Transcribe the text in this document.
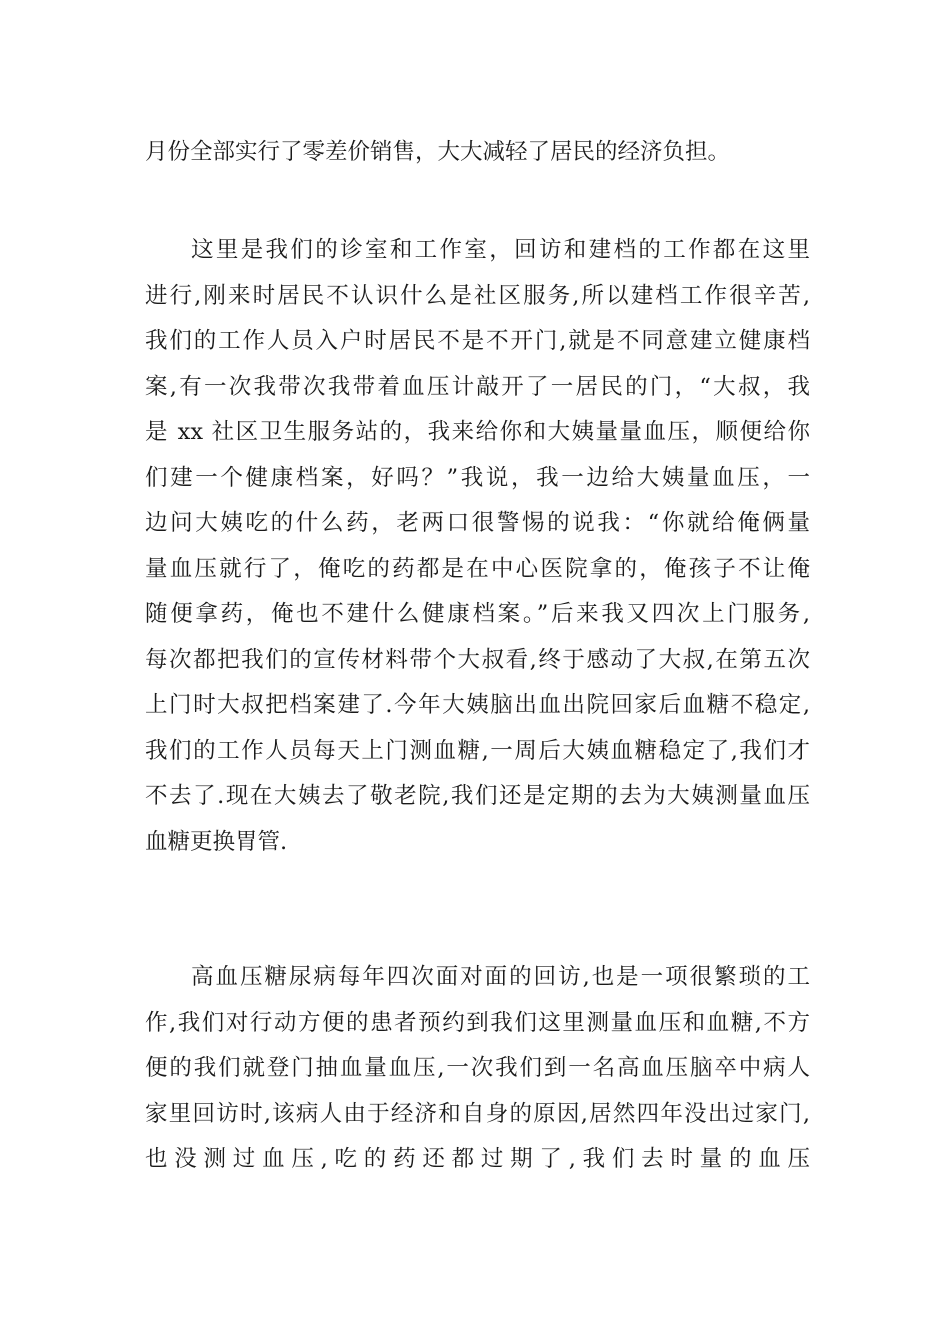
月份全部实行了零差价销售，大大减轻了居民的经济负担。
这里是我们的诊室和工作室，回访和建档的工作都在这里
进行,刚来时居民不认识什么是社区服务,所以建档工作很辛苦,
我们的工作人员入户时居民不是不开门,就是不同意建立健康档
案,有一次我带次我带着血压计敲开了一居民的门，“大叔，我
是 xx 社区卫生服务站的，我来给你和大姨量量血压，顺便给你
们建一个健康档案，好吗？”我说，我一边给大姨量血压，一
边问大姨吃的什么药，老两口很警惕的说我：“你就给俺俩量
量血压就行了，俺吃的药都是在中心医院拿的，俺孩子不让俺
随便拿药，俺也不建什么健康档案。”后来我又四次上门服务,
每次都把我们的宣传材料带个大叔看,终于感动了大叔,在第五次
上门时大叔把档案建了.今年大姨脑出血出院回家后血糖不稳定,
我们的工作人员每天上门测血糖,一周后大姨血糖稳定了,我们才
不去了.现在大姨去了敬老院,我们还是定期的去为大姨测量血压
血糖更换胃管.
高血压糖尿病每年四次面对面的回访,也是一项很繁琐的工
作,我们对行动方便的患者预约到我们这里测量血压和血糖,不方
便的我们就登门抽血量血压,一次我们到一名高血压脑卒中病人
家里回访时,该病人由于经济和自身的原因,居然四年没出过家门,
也没测过血压,吃的药还都过期了,我们去时量的血压
